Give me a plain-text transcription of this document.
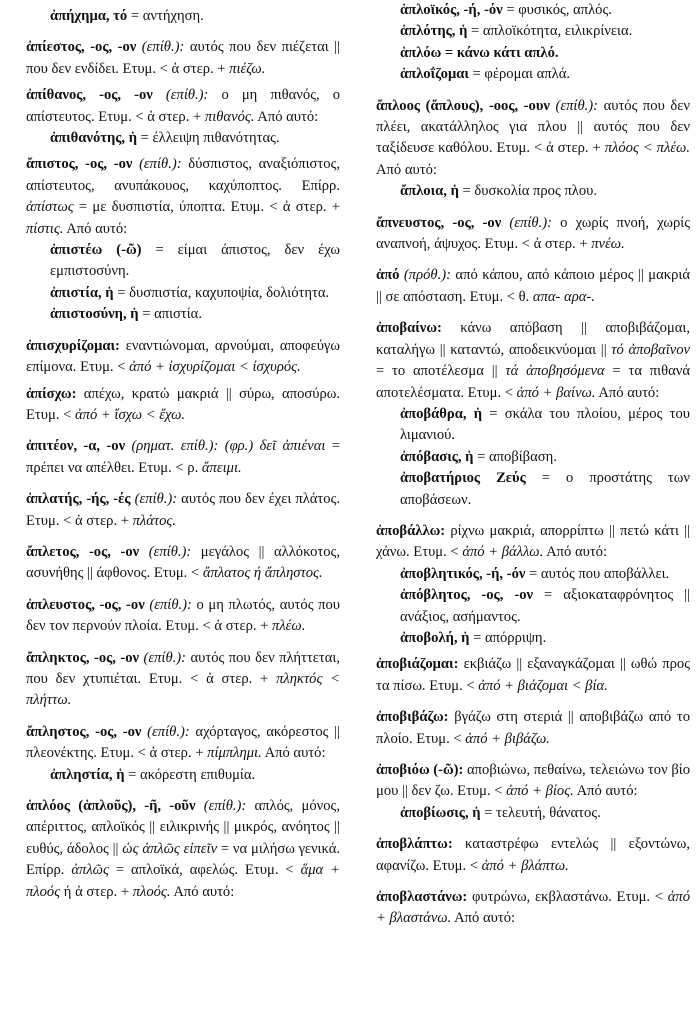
ἀπήχημα, τό = αντήχηση.

ἀπίεστος, -ος, -ον (επίθ.): αυτός που δεν πιέζεται || που δεν ενδίδει. Ετυμ. < ἀ στερ. + πιέζω.

ἀπίθανος, -ος, -ον (επίθ.): ο μη πιθανός, ο απίστευτος. Ετυμ. < ἀ στερ. + πιθανός. Από αυτό:

ἀπιθανότης, ἡ = έλλειψη πιθανότητας.

ἄπιστος, -ος, -ον (επίθ.): δύσπιστος, αναξιόπιστος, απίστευτος, ανυπάκουος, καχύποπτος. Επίρρ. ἀπίστως = με δυσπιστία, ύποπτα. Ετυμ. < ἀ στερ. + πίστις. Από αυτό:

ἀπιστέω (-ῶ) = είμαι άπιστος, δεν έχω εμπιστοσύνη.

ἀπιστία, ἡ = δυσπιστία, καχυποψία, δολιότητα.

ἀπιστοσύνη, ἡ = απιστία.

ἀπισχυρίζομαι: εναντιώνομαι, αρνούμαι, αποφεύγω επίμονα. Ετυμ. < ἀπό + ἰσχυρίζομαι < ἰσχυρός.

ἀπίσχω: απέχω, κρατώ μακριά || σύρω, αποσύρω. Ετυμ. < ἀπό + ἴσχω < ἔχω.

ἀπιτέον, -α, -ον (ρηματ. επίθ.): (φρ.) δεῖ ἀπιέναι = πρέπει να απέλθει. Ετυμ. < ρ. ἄπειμι.

ἀπλατής, -ής, -ές (επίθ.): αυτός που δεν έχει πλάτος. Ετυμ. < ἀ στερ. + πλάτος.

ἄπλετος, -ος, -ον (επίθ.): μεγάλος || αλλόκοτος, ασυνήθης || άφθονος. Ετυμ. < ἄπλατος ή ἄπληστος.

ἀπλευστος, -ος, -ον (επίθ.): ο μη πλωτός, αυτός που δεν τον περνούν πλοία. Ετυμ. < ἀ στερ. + πλέω.

ἄπληκτος, -ος, -ον (επίθ.): αυτός που δεν πλήττεται, που δεν χτυπιέται. Ετυμ. < ἀ στερ. + πληκτός < πλήττω.

ἄπληστος, -ος, -ον (επίθ.): αχόρταγος, ακόρεστος || πλεονέκτης. Ετυμ. < ἀ στερ. + πίμπλημι. Από αυτό:

ἀπληστία, ἡ = ακόρεστη επιθυμία.

ἁπλόος (ἁπλοῦς), -ῆ, -οῦν (επίθ.): απλός, μόνος, απέριττος, απλοϊκός || ειλικρινής || μικρός, ανόητος || ευθύς, άδολος || ὡς ἁπλῶς εἰπεῖν = να μιλήσω γενικά. Επίρρ. ἁπλῶς = απλοϊκά, αφελώς. Ετυμ. < ἅμα + πλοός ή ἀ στερ. + πλοός. Από αυτό:

ἁπλοϊκός, -ή, -όν = φυσικός, απλός.

ἁπλότης, ἡ = απλοϊκότητα, ειλικρίνεια.

ἁπλόω = κάνω κάτι απλό.

ἁπλοΐζομαι = φέρομαι απλά.

ἄπλοος (ἄπλους), -οος, -ουν (επίθ.): αυτός που δεν πλέει, ακατάλληλος για πλου || αυτός που δεν ταξίδευσε καθόλου. Ετυμ. < ἀ στερ. + πλόος < πλέω. Από αυτό:

ἄπλοια, ἡ = δυσκολία προς πλου.

ἄπνευστος, -ος, -ον (επίθ.): ο χωρίς πνοή, χωρίς αναπνοή, άψυχος. Ετυμ. < ἀ στερ. + πνέω.

ἀπό (πρόθ.): από κάπου, από κάποιο μέρος || μακριά || σε απόσταση. Ετυμ. < θ. απα- αρα-.

ἀποβαίνω: κάνω απόβαση || αποβιβάζομαι, καταλήγω || καταντώ, αποδεικνύομαι || τό ἀποβαῖνον = το αποτέλεσμα || τά ἀποβησόμενα = τα πιθανά αποτελέσματα. Ετυμ. < ἀπό + βαίνω. Από αυτό:

ἀποβάθρα, ἡ = σκάλα του πλοίου, μέρος του λιμανιού.

ἀπόβασις, ἡ = αποβίβαση.

ἀποβατήριος Ζεύς = ο προστάτης των αποβάσεων.

ἀποβάλλω: ρίχνω μακριά, απορρίπτω || πετώ κάτι || χάνω. Ετυμ. < ἀπό + βάλλω. Από αυτό:

ἀποβλητικός, -ή, -όν = αυτός που αποβάλλει.

ἀπόβλητος, -ος, -ον = αξιοκαταφρόνητος || ανάξιος, ασήμαντος.

ἀποβολή, ἡ = απόρριψη.

ἀποβιάζομαι: εκβιάζω || εξαναγκάζομαι || ωθώ προς τα πίσω. Ετυμ. < ἀπό + βιάζομαι < βία.

ἀποβιβάζω: βγάζω στη στεριά || αποβιβάζω από το πλοίο. Ετυμ. < ἀπό + βιβάζω.

ἀποβιόω (-ῶ): αποβιώνω, πεθαίνω, τελειώνω τον βίο μου || δεν ζω. Ετυμ. < ἀπό + βίος. Από αυτό:

ἀποβίωσις, ἡ = τελευτή, θάνατος.

ἀποβλάπτω: καταστρέφω εντελώς || εξοντώνω, αφανίζω. Ετυμ. < ἀπό + βλάπτω.

ἀποβλαστάνω: φυτρώνω, εκβλαστάνω. Ετυμ. < ἀπό + βλαστάνω. Από αυτό:
